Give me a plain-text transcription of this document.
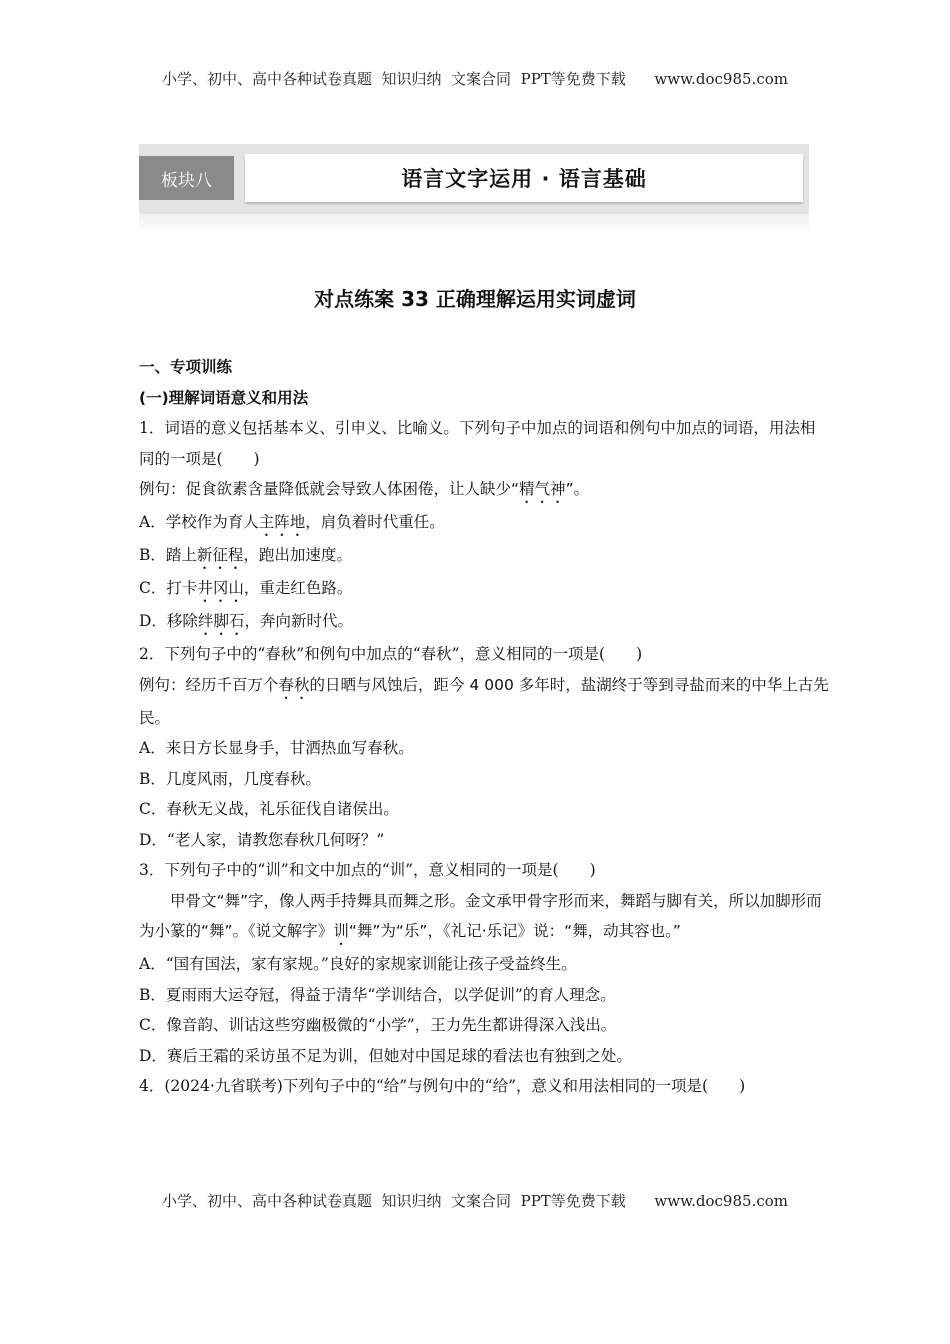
小学、初中、高中各种试卷真题  知识归纳  文案合同  PPT等免费下载      www.doc985.com
板块八	语言文字运用 · 语言基础
对点练案 33 正确理解运用实词虚词

一、专项训练

(一)理解词语意义和用法

1．词语的意义包括基本义、引申义、比喻义。下列句子中加点的词语和例句中加点的词语，用法相同的一项是(　　)

例句：促食欲素含量降低就会导致人体困倦，让人缺少“精气神”。

A．学校作为育人主阵地，肩负着时代重任。

B．踏上新征程，跑出加速度。

C．打卡井冈山，重走红色路。

D．移除绊脚石，奔向新时代。

2．下列句子中的“春秋”和例句中加点的“春秋”，意义相同的一项是(　　)

例句：经历千百万个春秋的日晒与风蚀后，距今 4 000 多年时，盐湖终于等到寻盐而来的中华上古先民。

A．来日方长显身手，甘洒热血写春秋。

B．几度风雨，几度春秋。

C．春秋无义战，礼乐征伐自诸侯出。

D．“老人家，请教您春秋几何呀？”

3．下列句子中的“训”和文中加点的“训”，意义相同的一项是(　　)

甲骨文“舞”字，像人两手持舞具而舞之形。金文承甲骨字形而来，舞蹈与脚有关，所以加脚形而为小篆的“舞”。《说文解字》训“舞”为“乐”，《礼记·乐记》说：“舞，动其容也。”

A．“国有国法，家有家规。”良好的家规家训能让孩子受益终生。

B．夏雨雨大运夺冠，得益于清华“学训结合，以学促训”的育人理念。

C．像音韵、训诂这些穷幽极微的“小学”，王力先生都讲得深入浅出。

D．赛后王霜的采访虽不足为训，但她对中国足球的看法也有独到之处。

4．(2024·九省联考)下列句子中的“给”与例句中的“给”，意义和用法相同的一项是(　　)

小学、初中、高中各种试卷真题  知识归纳  文案合同  PPT等免费下载      www.doc985.com
